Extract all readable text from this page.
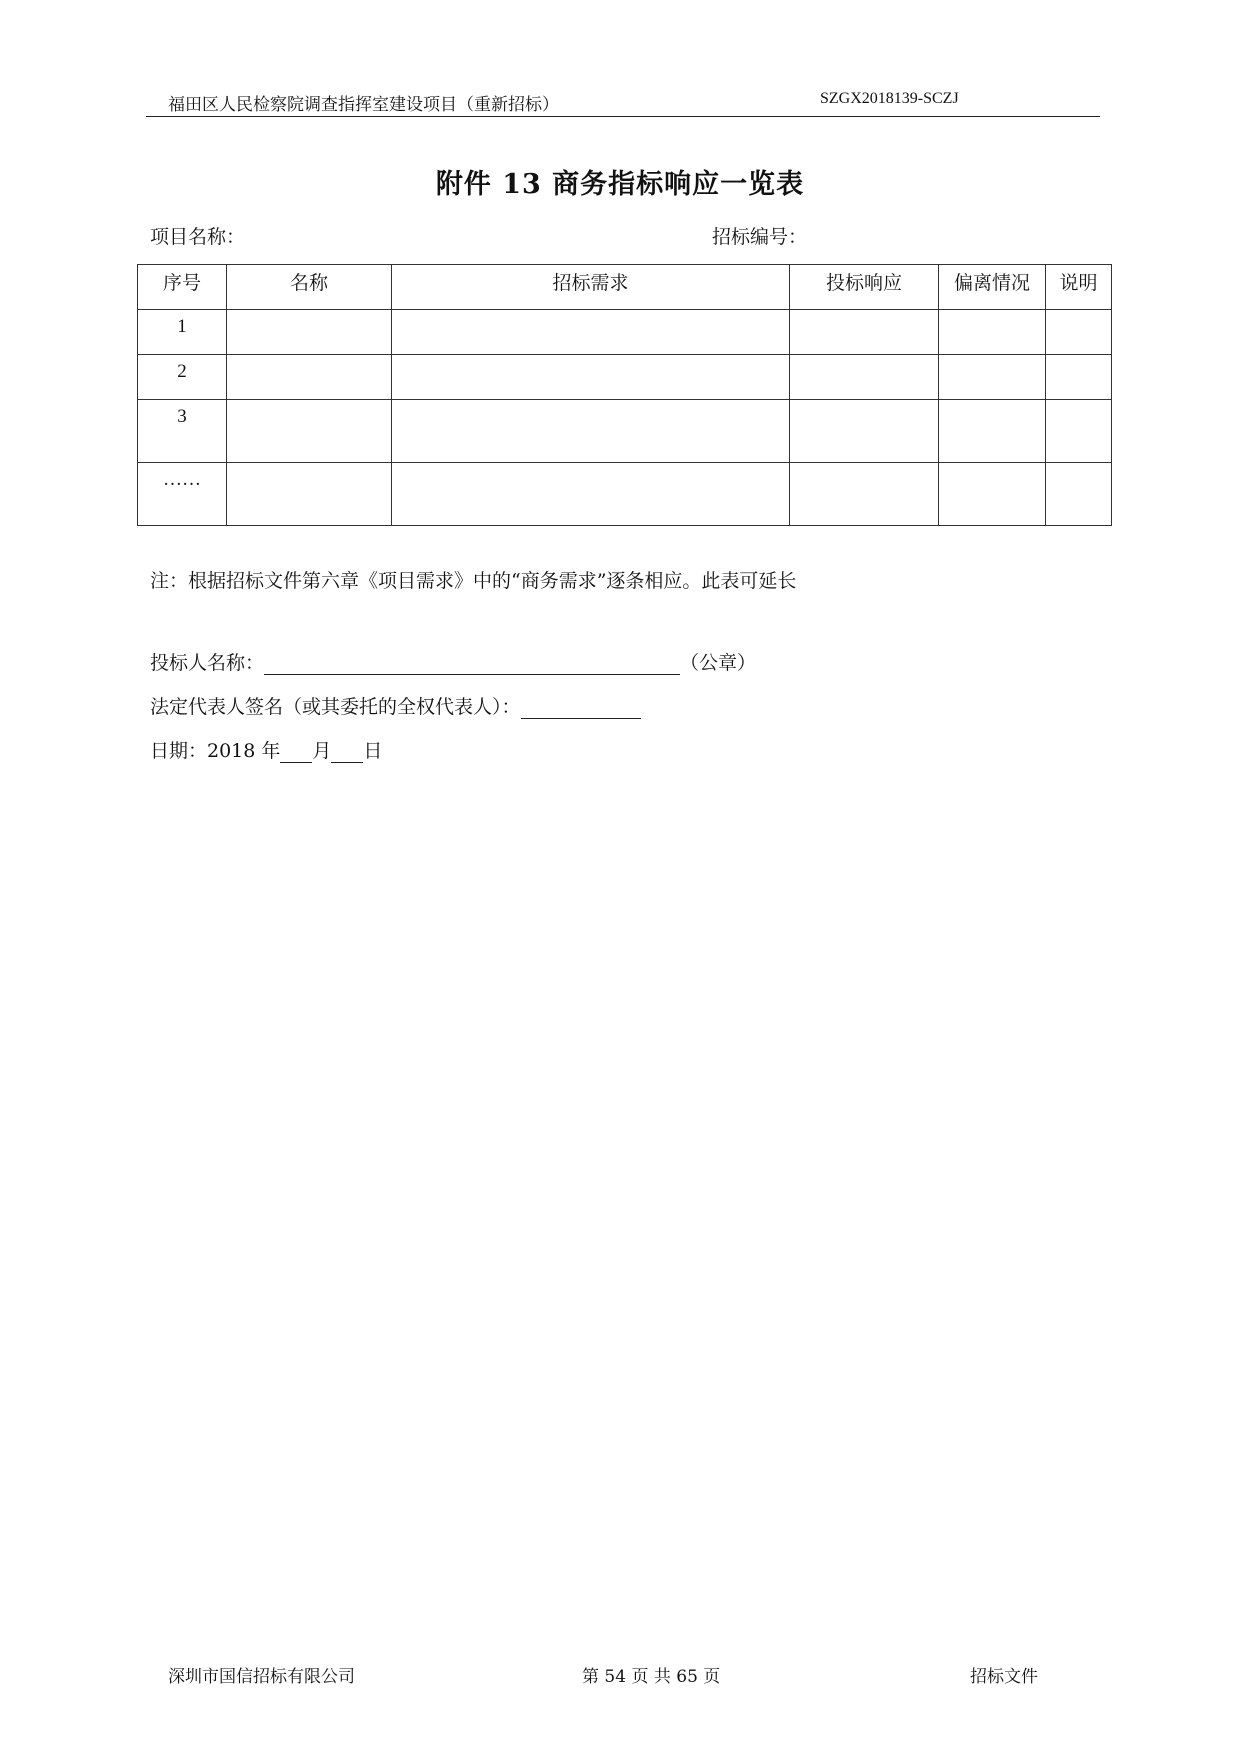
福田区人民检察院调查指挥室建设项目（重新招标）	SZGX2018139-SCZJ
附件 13 商务指标响应一览表
项目名称：	招标编号：
序号	名称	招标需求	投标响应	偏离情况	说明
1					
2					
3					
……					
注：根据招标文件第六章《项目需求》中的“商务需求”逐条相应。此表可延长
投标人名称：	（公章）
法定代表人签名（或其委托的全权代表人）：
日期：2018 年 月 日
深圳市国信招标有限公司	第 54 页 共 65 页	招标文件
